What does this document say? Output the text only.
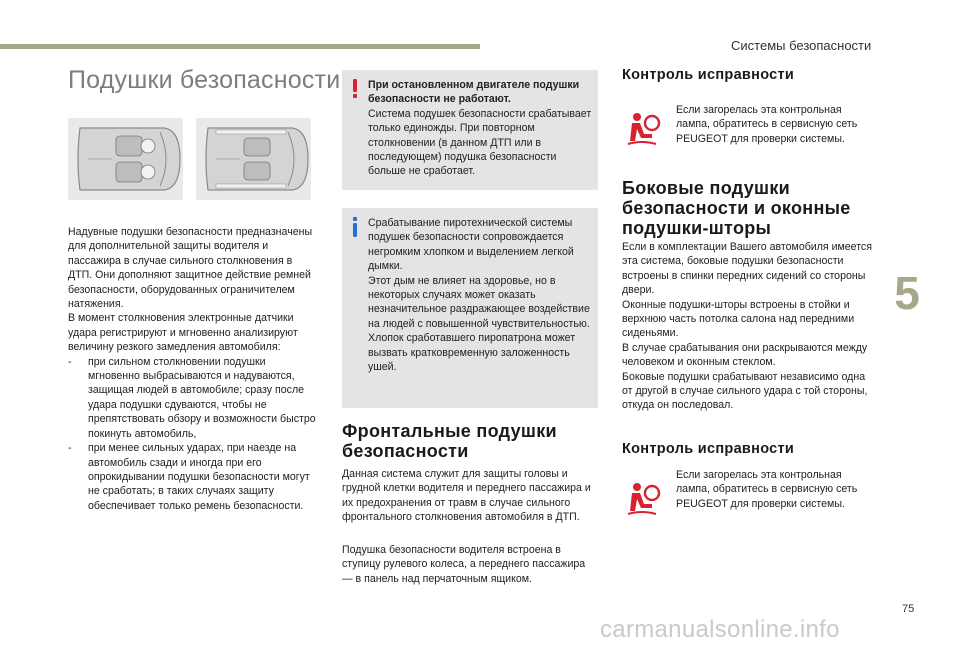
Системы безопасности
Подушки безопасности

Надувные подушки безопасности предназначены для дополнительной защиты водителя и пассажира в случае сильного столкновения в ДТП. Они дополняют защитное действие ремней безопасности, оборудованных ограничителем натяжения.

В момент столкновения электронные датчики удара регистрируют и мгновенно анализируют величину резкого замедления автомобиля:

- при сильном столкновении подушки мгновенно выбрасываются и надуваются, защищая людей в автомобиле; сразу после удара подушки сдуваются, чтобы не препятствовать обзору и возможности быстро покинуть автомобиль,
- при менее сильных ударах, при наезде на автомобиль сзади и иногда при его опрокидывании подушки безопасности могут не сработать; в таких случаях защиту обеспечивает только ремень безопасности.

При остановленном двигателе подушки безопасности не работают.

Система подушек безопасности срабатывает только единожды. При повторном столкновении (в данном ДТП или в последующем) подушка безопасности больше не сработает.

Срабатывание пиротехнической системы подушек безопасности сопровождается негромким хлопком и выделением легкой дымки.

Этот дым не влияет на здоровье, но в некоторых случаях может оказать незначительное раздражающее воздействие на людей с повышенной чувствительностью.

Хлопок сработавшего пиропатрона может вызвать кратковременную заложенность ушей.

Фронтальные подушки безопасности

Данная система служит для защиты головы и грудной клетки водителя и переднего пассажира и их предохранения от травм в случае сильного фронтального столкновения автомобиля в ДТП.

Подушка безопасности водителя встроена в ступицу рулевого колеса, а переднего пассажира — в панель над перчаточным ящиком.

Контроль исправности

Если загорелась эта контрольная лампа, обратитесь в сервисную сеть PEUGEOT для проверки системы.

Боковые подушки безопасности и оконные подушки-шторы

Если в комплектации Вашего автомобиля имеется эта система, боковые подушки безопасности встроены в спинки передних сидений со стороны двери.

Оконные подушки-шторы встроены в стойки и верхнюю часть потолка салона над передними сиденьями.

В случае срабатывания они раскрываются между человеком и оконным стеклом.

Боковые подушки срабатывают независимо одна от другой в случае сильного удара с той стороны, откуда он последовал.

Контроль исправности

Если загорелась эта контрольная лампа, обратитесь в сервисную сеть PEUGEOT для проверки системы.

5
75
carmanualsonline.info
